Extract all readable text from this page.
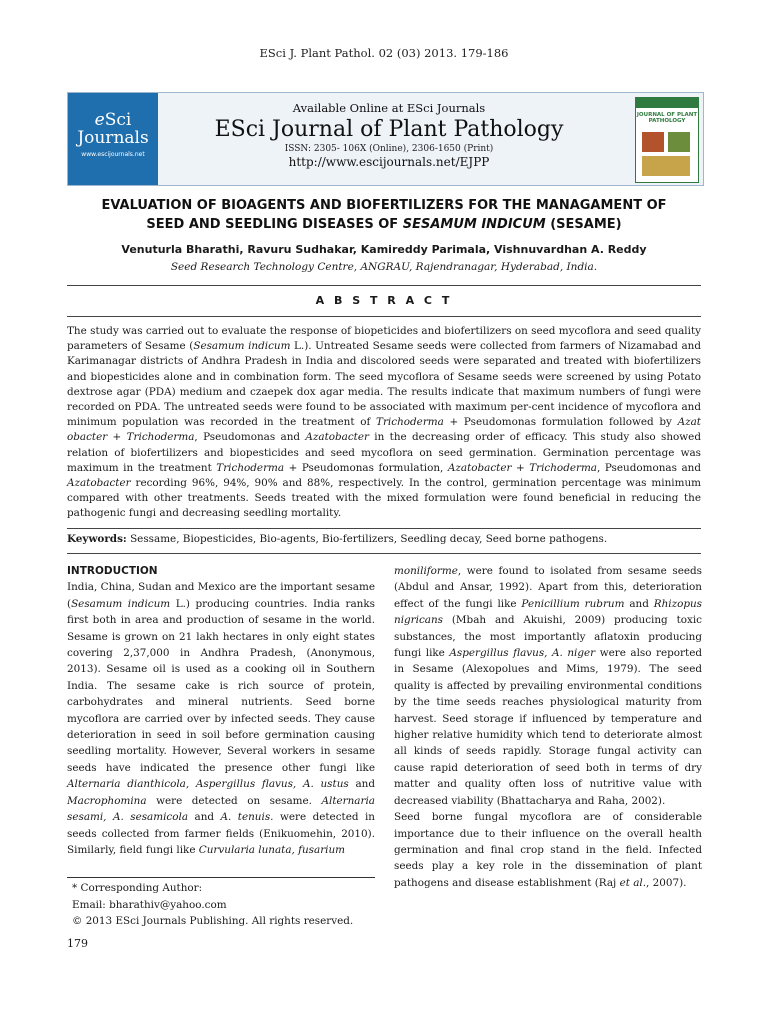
ESci J. Plant Pathol. 02 (03) 2013. 179-186
eSci
Journals
www.escijournals.net
Available Online at ESci Journals
ESci Journal of Plant Pathology
ISSN: 2305- 106X (Online), 2306-1650 (Print)
http://www.escijournals.net/EJPP
JOURNAL OF PLANT PATHOLOGY
EVALUATION OF BIOAGENTS AND BIOFERTILIZERS FOR THE MANAGAMENT OF
SEED AND SEEDLING DISEASES OF SESAMUM INDICUM (SESAME)
Venuturla Bharathi, Ravuru Sudhakar, Kamireddy Parimala, Vishnuvardhan A. Reddy
Seed Research Technology Centre, ANGRAU, Rajendranagar, Hyderabad, India.
A B S T R A C T
The study was carried out to evaluate the response of biopeticides and biofertilizers on seed mycoflora and seed quality parameters of Sesame (Sesamum indicum L.). Untreated Sesame seeds were collected from farmers of Nizamabad and Karimanagar districts of Andhra Pradesh in India and discolored seeds were separated and treated with biofertilizers and biopesticides alone and in combination form. The seed mycoflora of Sesame seeds were screened by using Potato dextrose agar (PDA) medium and czaepek dox agar media. The results indicate that maximum numbers of fungi were recorded on PDA. The untreated seeds were found to be associated with maximum per-cent incidence of mycoflora and minimum population was recorded in the treatment of Trichoderma + Pseudomonas formulation followed by Azat obacter + Trichoderma, Pseudomonas and Azatobacter in the decreasing order of efficacy. This study also showed relation of biofertilizers and biopesticides and seed mycoflora on seed germination. Germination percentage was maximum in the treatment Trichoderma + Pseudomonas formulation, Azatobacter + Trichoderma, Pseudomonas and Azatobacter recording 96%, 94%, 90% and 88%, respectively. In the control, germination percentage was minimum compared with other treatments. Seeds treated with the mixed formulation were found beneficial in reducing the pathogenic fungi and decreasing seedling mortality.
Keywords: Sessame, Biopesticides, Bio-agents, Bio-fertilizers, Seedling decay, Seed borne pathogens.
INTRODUCTION

India, China, Sudan and Mexico are the important sesame (Sesamum indicum L.) producing countries. India ranks first both in area and production of sesame in the world. Sesame is grown on 21 lakh hectares in only eight states covering 2,37,000 in Andhra Pradesh, (Anonymous, 2013). Sesame oil is used as a cooking oil in Southern India. The sesame cake is rich source of protein, carbohydrates and mineral nutrients. Seed borne mycoflora are carried over by infected seeds. They cause deterioration in seed in soil before germination causing seedling mortality. However, Several workers in sesame seeds have indicated the presence other fungi like Alternaria dianthicola, Aspergillus flavus, A. ustus and Macrophomina were detected on sesame. Alternaria sesami, A. sesamicola and A. tenuis. were detected in seeds collected from farmer fields (Enikuomehin, 2010). Similarly, field fungi like Curvularia lunata, fusarium

moniliforme, were found to isolated from sesame seeds (Abdul and Ansar, 1992). Apart from this, deterioration effect of the fungi like Penicillium rubrum and Rhizopus nigricans (Mbah and Akuishi, 2009) producing toxic substances, the most importantly aflatoxin producing fungi like Aspergillus flavus, A. niger were also reported in Sesame (Alexopolues and Mims, 1979). The seed quality is affected by prevailing environmental conditions by the time seeds reaches physiological maturity from harvest. Seed storage if influenced by temperature and higher relative humidity which tend to deteriorate almost all kinds of seeds rapidly. Storage fungal activity can cause rapid deterioration of seed both in terms of dry matter and quality often loss of nutritive value with decreased viability (Bhattacharya and Raha, 2002).

Seed borne fungal mycoflora are of considerable importance due to their influence on the overall health germination and final crop stand in the field. Infected seeds play a key role in the dissemination of plant pathogens and disease establishment (Raj et al., 2007).

* Corresponding Author:
Email: bharathiv@yahoo.com
© 2013 ESci Journals Publishing. All rights reserved.
179
